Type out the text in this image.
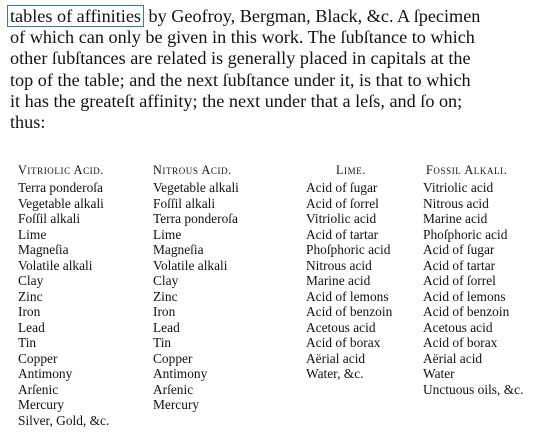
tables of affinities by Geofroy, Bergman, Black, &c. A ſpecimen
of which can only be given in this work. The ſubſtance to which
other ſubſtances are related is generally placed in capitals at the
top of the table; and the next ſubſtance under it, is that to which
it has the greateſt affinity; the next under that a leſs, and ſo on;
thus:
Vitriolic Acid.
Terra ponderoſa
Vegetable alkali
Foſſil alkali
Lime
Magneſia
Volatile alkali
Clay
Zinc
Iron
Lead
Tin
Copper
Antimony
Arſenic
Mercury
Silver, Gold, &c.
Nitrous Acid.
Vegetable alkali
Foſſil alkali
Terra ponderoſa
Lime
Magneſia
Volatile alkali
Clay
Zinc
Iron
Lead
Tin
Copper
Antimony
Arſenic
Mercury
Lime.
Acid of ſugar
Acid of ſorrel
Vitriolic acid
Acid of tartar
Phoſphoric acid
Nitrous acid
Marine acid
Acid of lemons
Acid of benzoin
Acetous acid
Acid of borax
Aërial acid
Water, &c.
Fossil Alkali.
Vitriolic acid
Nitrous acid
Marine acid
Phoſphoric acid
Acid of ſugar
Acid of tartar
Acid of ſorrel
Acid of lemons
Acid of benzoin
Acetous acid
Acid of borax
Aërial acid
Water
Unctuous oils, &c.
